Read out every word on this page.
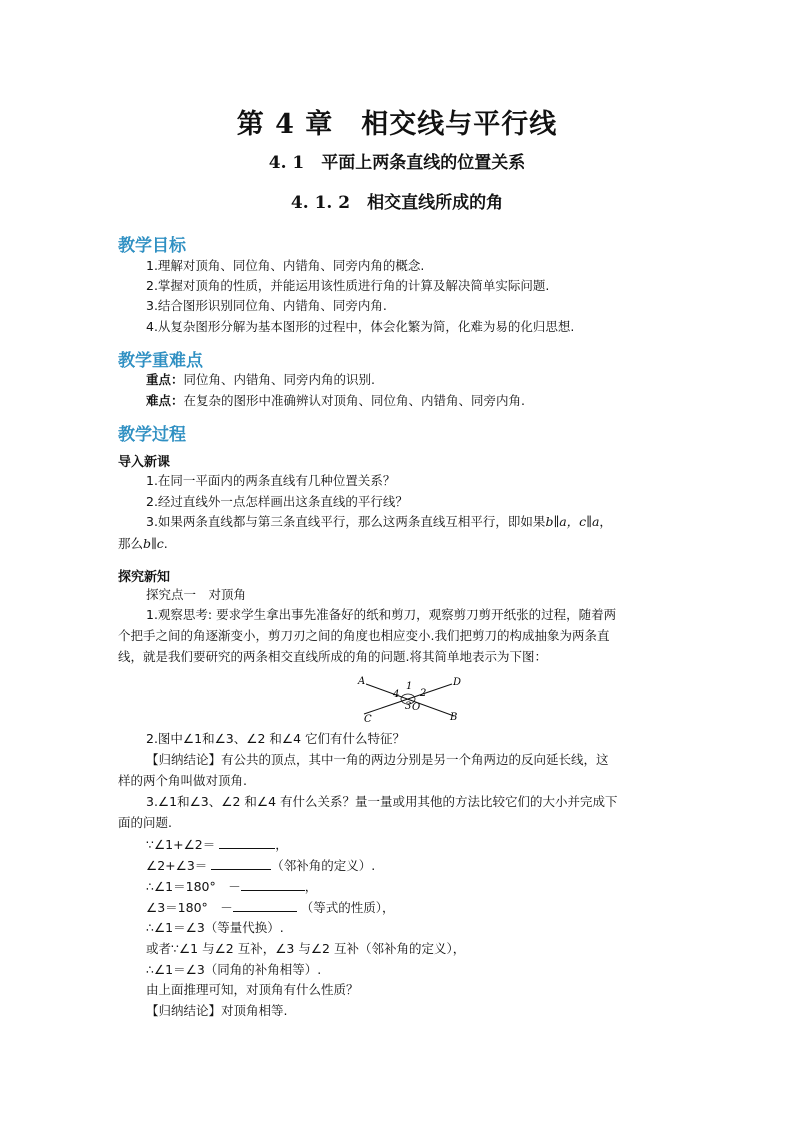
第 4 章　相交线与平行线
4. 1　平面上两条直线的位置关系
4. 1. 2　相交直线所成的角
教学目标
1.理解对顶角、同位角、内错角、同旁内角的概念.
2.掌握对顶角的性质，并能运用该性质进行角的计算及解决简单实际问题.
3.结合图形识别同位角、内错角、同旁内角.
4.从复杂图形分解为基本图形的过程中，体会化繁为简，化难为易的化归思想.
教学重难点
重点：同位角、内错角、同旁内角的识别.
难点：在复杂的图形中准确辨认对顶角、同位角、内错角、同旁内角.
教学过程
导入新课
1.在同一平面内的两条直线有几种位置关系？
2.经过直线外一点怎样画出这条直线的平行线？
3.如果两条直线都与第三条直线平行，那么这两条直线互相平行，即如果b∥a，c∥a，
那么b∥c.
探究新知
探究点一　对顶角
1.观察思考: 要求学生拿出事先准备好的纸和剪刀，观察剪刀剪开纸张的过程，随着两
个把手之间的角逐渐变小，剪刀刃之间的角度也相应变小.我们把剪刀的构成抽象为两条直
线，就是我们要研究的两条相交直线所成的角的问题.将其简单地表示为下图：
A	D
C	B
1
2
3
4
O
2.图中∠1和∠3、∠2 和∠4 它们有什么特征？
【归纳结论】有公共的顶点，其中一角的两边分别是另一个角两边的反向延长线，这
样的两个角叫做对顶角.
3.∠1和∠3、∠2 和∠4 有什么关系？量一量或用其他的方法比较它们的大小并完成下
面的问题.
∵∠1+∠2＝	，
∠2+∠3＝	（邻补角的定义）.
∴∠1＝180°　－	，
∠3＝180°　－	（等式的性质），
∴∠1＝∠3（等量代换）.
或者∵∠1 与∠2 互补，∠3 与∠2 互补（邻补角的定义），
∴∠1＝∠3（同角的补角相等）.
由上面推理可知，对顶角有什么性质？
【归纳结论】对顶角相等.
